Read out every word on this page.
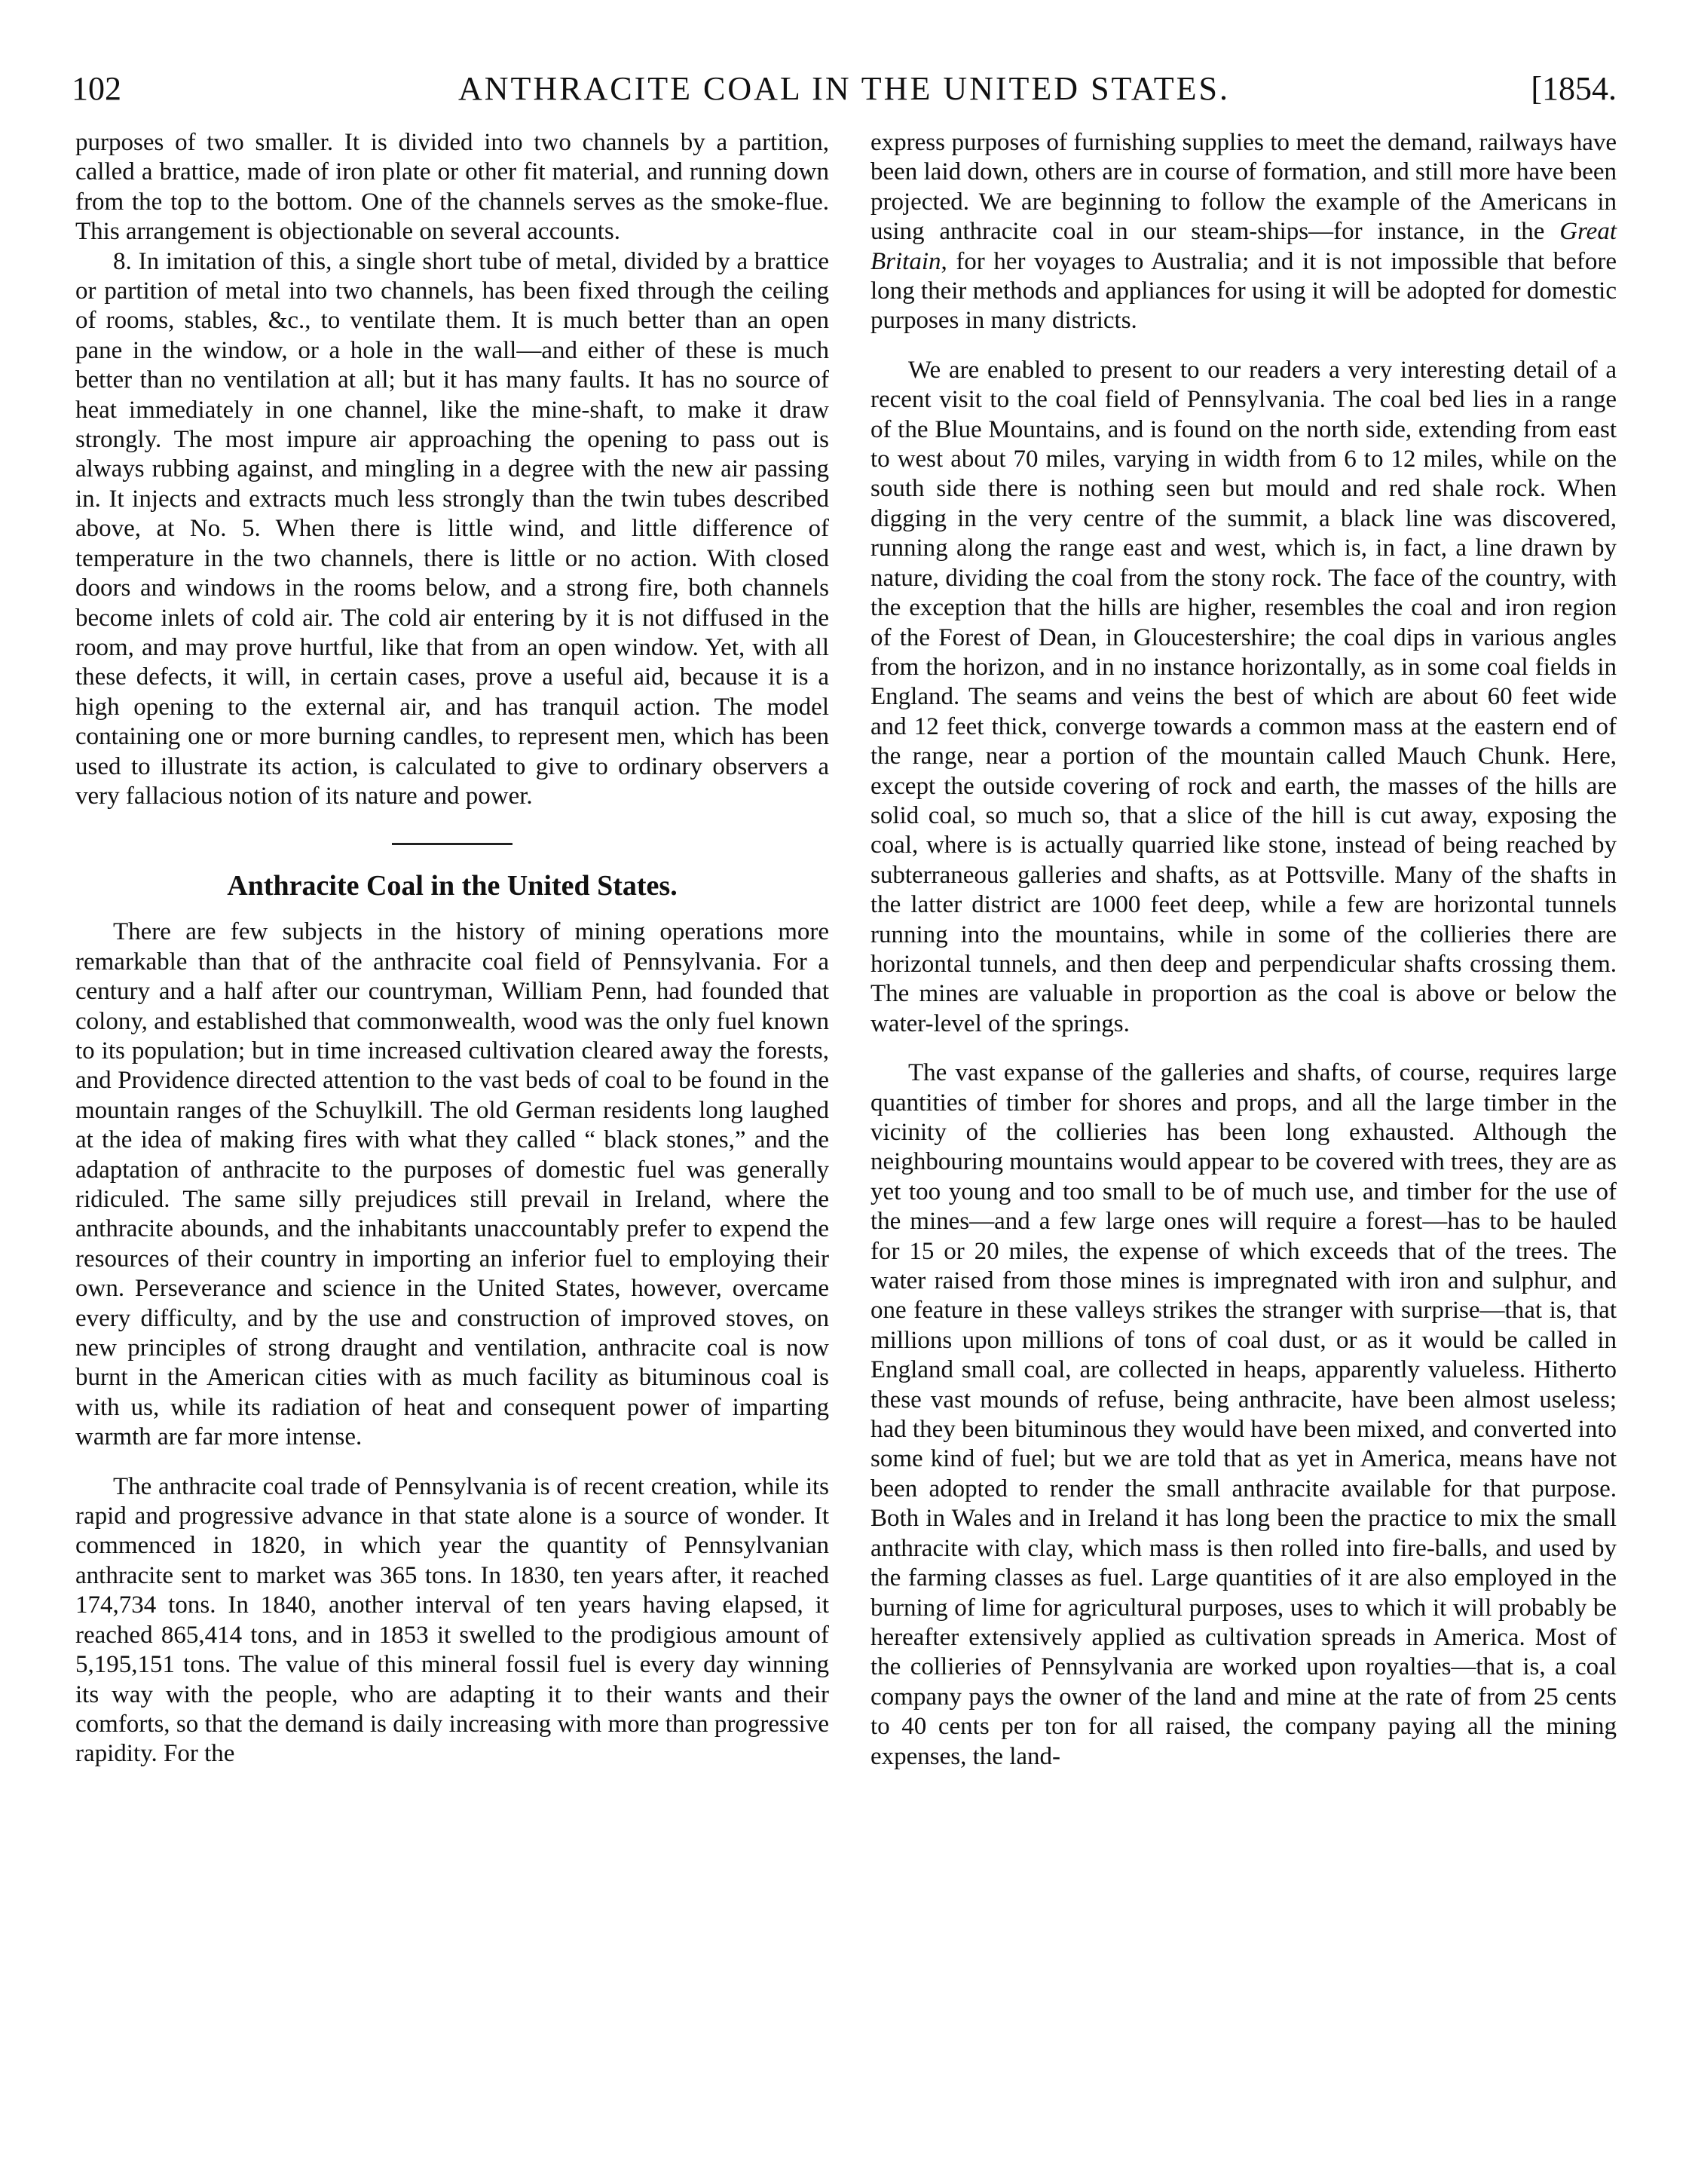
102	ANTHRACITE COAL IN THE UNITED STATES.	[1854.

purposes of two smaller. It is divided into two channels by a partition, called a brattice, made of iron plate or other fit material, and running down from the top to the bottom. One of the channels serves as the smoke-flue. This arrangement is objectionable on several accounts.

8. In imitation of this, a single short tube of metal, divided by a brattice or partition of metal into two channels, has been fixed through the ceiling of rooms, stables, &c., to ventilate them. It is much better than an open pane in the window, or a hole in the wall—and either of these is much better than no ventilation at all; but it has many faults. It has no source of heat immediately in one channel, like the mine-shaft, to make it draw strongly. The most impure air approaching the opening to pass out is always rubbing against, and mingling in a degree with the new air passing in. It injects and extracts much less strongly than the twin tubes described above, at No. 5. When there is little wind, and little difference of temperature in the two channels, there is little or no action. With closed doors and windows in the rooms below, and a strong fire, both channels become inlets of cold air. The cold air entering by it is not diffused in the room, and may prove hurtful, like that from an open window. Yet, with all these defects, it will, in certain cases, prove a useful aid, because it is a high opening to the external air, and has tranquil action. The model containing one or more burning candles, to represent men, which has been used to illustrate its action, is calculated to give to ordinary observers a very fallacious notion of its nature and power.

Anthracite Coal in the United States.

There are few subjects in the history of mining operations more remarkable than that of the anthracite coal field of Pennsylvania. For a century and a half after our countryman, William Penn, had founded that colony, and established that commonwealth, wood was the only fuel known to its population; but in time increased cultivation cleared away the forests, and Providence directed attention to the vast beds of coal to be found in the mountain ranges of the Schuylkill. The old German residents long laughed at the idea of making fires with what they called “ black stones,” and the adaptation of anthracite to the purposes of domestic fuel was generally ridiculed. The same silly prejudices still prevail in Ireland, where the anthracite abounds, and the inhabitants unaccountably prefer to expend the resources of their country in importing an inferior fuel to employing their own. Perseverance and science in the United States, however, overcame every difficulty, and by the use and construction of improved stoves, on new principles of strong draught and ventilation, anthracite coal is now burnt in the American cities with as much facility as bituminous coal is with us, while its radiation of heat and consequent power of imparting warmth are far more intense.

The anthracite coal trade of Pennsylvania is of recent creation, while its rapid and progressive advance in that state alone is a source of wonder. It commenced in 1820, in which year the quantity of Pennsylvanian anthracite sent to market was 365 tons. In 1830, ten years after, it reached 174,734 tons. In 1840, another interval of ten years having elapsed, it reached 865,414 tons, and in 1853 it swelled to the prodigious amount of 5,195,151 tons. The value of this mineral fossil fuel is every day winning its way with the people, who are adapting it to their wants and their comforts, so that the demand is daily increasing with more than progressive rapidity. For the

express purposes of furnishing supplies to meet the demand, railways have been laid down, others are in course of formation, and still more have been projected. We are beginning to follow the example of the Americans in using anthracite coal in our steam-ships—for instance, in the Great Britain, for her voyages to Australia; and it is not impossible that before long their methods and appliances for using it will be adopted for domestic purposes in many districts.

We are enabled to present to our readers a very interesting detail of a recent visit to the coal field of Pennsylvania. The coal bed lies in a range of the Blue Mountains, and is found on the north side, extending from east to west about 70 miles, varying in width from 6 to 12 miles, while on the south side there is nothing seen but mould and red shale rock. When digging in the very centre of the summit, a black line was discovered, running along the range east and west, which is, in fact, a line drawn by nature, dividing the coal from the stony rock. The face of the country, with the exception that the hills are higher, resembles the coal and iron region of the Forest of Dean, in Gloucestershire; the coal dips in various angles from the horizon, and in no instance horizontally, as in some coal fields in England. The seams and veins the best of which are about 60 feet wide and 12 feet thick, converge towards a common mass at the eastern end of the range, near a portion of the mountain called Mauch Chunk. Here, except the outside covering of rock and earth, the masses of the hills are solid coal, so much so, that a slice of the hill is cut away, exposing the coal, where is is actually quarried like stone, instead of being reached by subterraneous galleries and shafts, as at Pottsville. Many of the shafts in the latter district are 1000 feet deep, while a few are horizontal tunnels running into the mountains, while in some of the collieries there are horizontal tunnels, and then deep and perpendicular shafts crossing them. The mines are valuable in proportion as the coal is above or below the water-level of the springs.

The vast expanse of the galleries and shafts, of course, requires large quantities of timber for shores and props, and all the large timber in the vicinity of the collieries has been long exhausted. Although the neighbouring mountains would appear to be covered with trees, they are as yet too young and too small to be of much use, and timber for the use of the mines—and a few large ones will require a forest—has to be hauled for 15 or 20 miles, the expense of which exceeds that of the trees. The water raised from those mines is impregnated with iron and sulphur, and one feature in these valleys strikes the stranger with surprise—that is, that millions upon millions of tons of coal dust, or as it would be called in England small coal, are collected in heaps, apparently valueless. Hitherto these vast mounds of refuse, being anthracite, have been almost useless; had they been bituminous they would have been mixed, and converted into some kind of fuel; but we are told that as yet in America, means have not been adopted to render the small anthracite available for that purpose. Both in Wales and in Ireland it has long been the practice to mix the small anthracite with clay, which mass is then rolled into fire-balls, and used by the farming classes as fuel. Large quantities of it are also employed in the burning of lime for agricultural purposes, uses to which it will probably be hereafter extensively applied as cultivation spreads in America. Most of the collieries of Pennsylvania are worked upon royalties—that is, a coal company pays the owner of the land and mine at the rate of from 25 cents to 40 cents per ton for all raised, the company paying all the mining expenses, the land-
